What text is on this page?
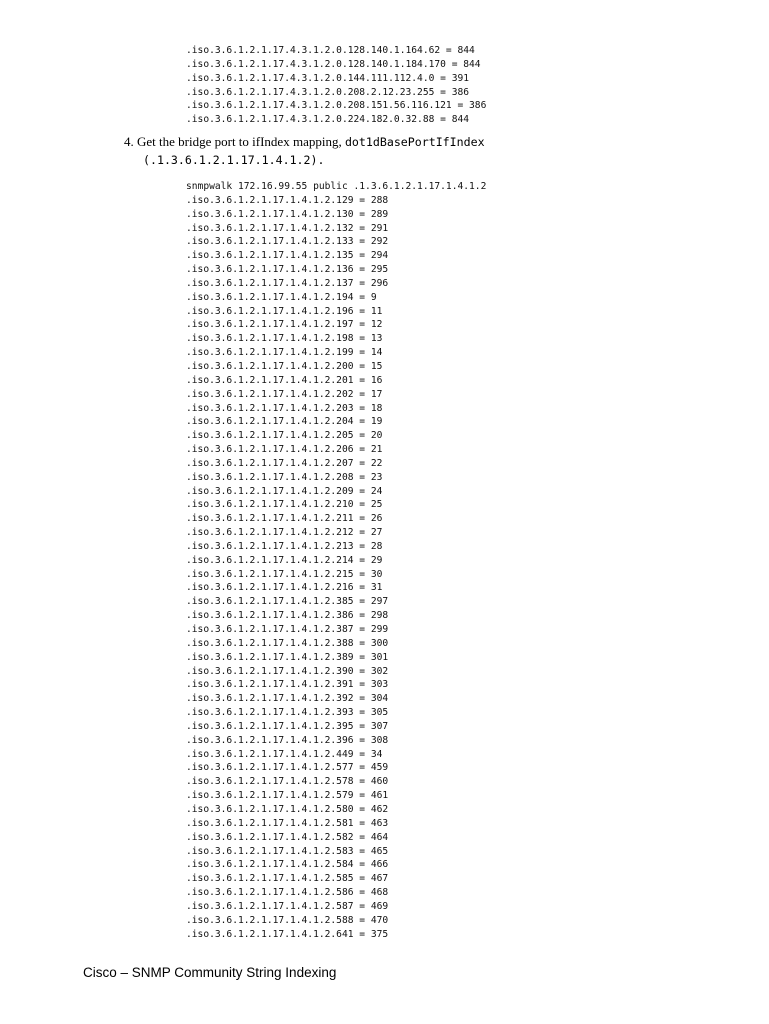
.iso.3.6.1.2.1.17.4.3.1.2.0.128.140.1.164.62 = 844
.iso.3.6.1.2.1.17.4.3.1.2.0.128.140.1.184.170 = 844
.iso.3.6.1.2.1.17.4.3.1.2.0.144.111.112.4.0 = 391
.iso.3.6.1.2.1.17.4.3.1.2.0.208.2.12.23.255 = 386
.iso.3.6.1.2.1.17.4.3.1.2.0.208.151.56.116.121 = 386
.iso.3.6.1.2.1.17.4.3.1.2.0.224.182.0.32.88 = 844
4. Get the bridge port to ifIndex mapping, dot1dBasePortIfIndex
(.1.3.6.1.2.1.17.1.4.1.2).
snmpwalk 172.16.99.55 public .1.3.6.1.2.1.17.1.4.1.2
.iso.3.6.1.2.1.17.1.4.1.2.129 = 288
.iso.3.6.1.2.1.17.1.4.1.2.130 = 289
.iso.3.6.1.2.1.17.1.4.1.2.132 = 291
.iso.3.6.1.2.1.17.1.4.1.2.133 = 292
.iso.3.6.1.2.1.17.1.4.1.2.135 = 294
.iso.3.6.1.2.1.17.1.4.1.2.136 = 295
.iso.3.6.1.2.1.17.1.4.1.2.137 = 296
.iso.3.6.1.2.1.17.1.4.1.2.194 = 9
.iso.3.6.1.2.1.17.1.4.1.2.196 = 11
.iso.3.6.1.2.1.17.1.4.1.2.197 = 12
.iso.3.6.1.2.1.17.1.4.1.2.198 = 13
.iso.3.6.1.2.1.17.1.4.1.2.199 = 14
.iso.3.6.1.2.1.17.1.4.1.2.200 = 15
.iso.3.6.1.2.1.17.1.4.1.2.201 = 16
.iso.3.6.1.2.1.17.1.4.1.2.202 = 17
.iso.3.6.1.2.1.17.1.4.1.2.203 = 18
.iso.3.6.1.2.1.17.1.4.1.2.204 = 19
.iso.3.6.1.2.1.17.1.4.1.2.205 = 20
.iso.3.6.1.2.1.17.1.4.1.2.206 = 21
.iso.3.6.1.2.1.17.1.4.1.2.207 = 22
.iso.3.6.1.2.1.17.1.4.1.2.208 = 23
.iso.3.6.1.2.1.17.1.4.1.2.209 = 24
.iso.3.6.1.2.1.17.1.4.1.2.210 = 25
.iso.3.6.1.2.1.17.1.4.1.2.211 = 26
.iso.3.6.1.2.1.17.1.4.1.2.212 = 27
.iso.3.6.1.2.1.17.1.4.1.2.213 = 28
.iso.3.6.1.2.1.17.1.4.1.2.214 = 29
.iso.3.6.1.2.1.17.1.4.1.2.215 = 30
.iso.3.6.1.2.1.17.1.4.1.2.216 = 31
.iso.3.6.1.2.1.17.1.4.1.2.385 = 297
.iso.3.6.1.2.1.17.1.4.1.2.386 = 298
.iso.3.6.1.2.1.17.1.4.1.2.387 = 299
.iso.3.6.1.2.1.17.1.4.1.2.388 = 300
.iso.3.6.1.2.1.17.1.4.1.2.389 = 301
.iso.3.6.1.2.1.17.1.4.1.2.390 = 302
.iso.3.6.1.2.1.17.1.4.1.2.391 = 303
.iso.3.6.1.2.1.17.1.4.1.2.392 = 304
.iso.3.6.1.2.1.17.1.4.1.2.393 = 305
.iso.3.6.1.2.1.17.1.4.1.2.395 = 307
.iso.3.6.1.2.1.17.1.4.1.2.396 = 308
.iso.3.6.1.2.1.17.1.4.1.2.449 = 34
.iso.3.6.1.2.1.17.1.4.1.2.577 = 459
.iso.3.6.1.2.1.17.1.4.1.2.578 = 460
.iso.3.6.1.2.1.17.1.4.1.2.579 = 461
.iso.3.6.1.2.1.17.1.4.1.2.580 = 462
.iso.3.6.1.2.1.17.1.4.1.2.581 = 463
.iso.3.6.1.2.1.17.1.4.1.2.582 = 464
.iso.3.6.1.2.1.17.1.4.1.2.583 = 465
.iso.3.6.1.2.1.17.1.4.1.2.584 = 466
.iso.3.6.1.2.1.17.1.4.1.2.585 = 467
.iso.3.6.1.2.1.17.1.4.1.2.586 = 468
.iso.3.6.1.2.1.17.1.4.1.2.587 = 469
.iso.3.6.1.2.1.17.1.4.1.2.588 = 470
.iso.3.6.1.2.1.17.1.4.1.2.641 = 375
Cisco – SNMP Community String Indexing
